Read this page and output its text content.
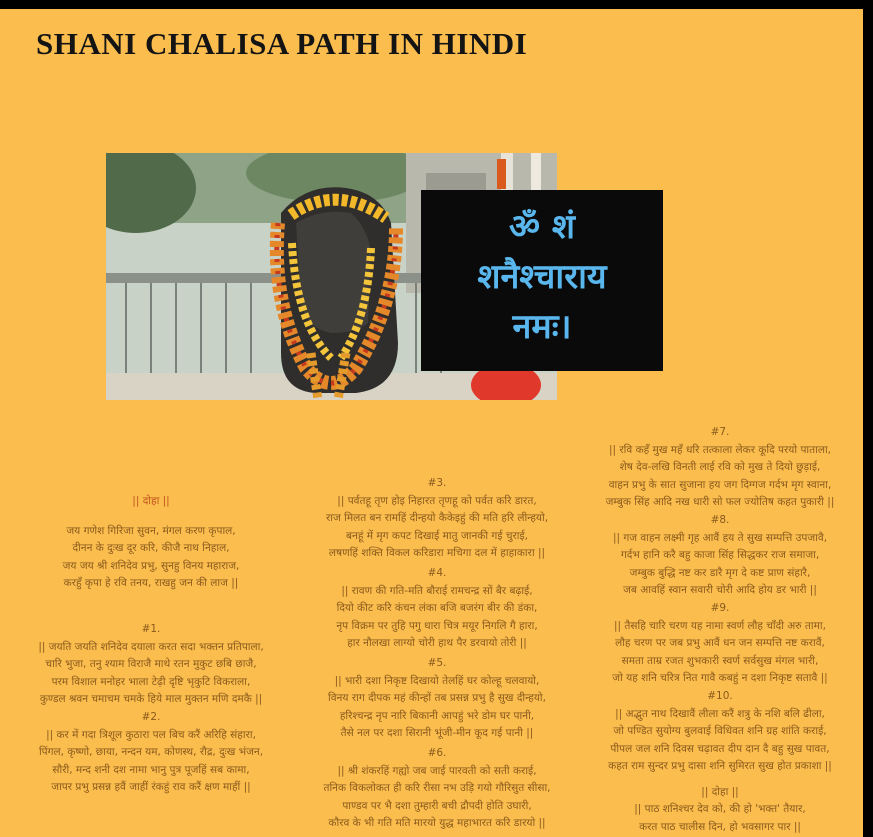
SHANI CHALISA PATH IN HINDI
ॐ शं
शनैश्चाराय
नमः।
|| दोहा ||
जय गणेश गिरिजा सुवन, मंगल करण कृपाल,
दीनन के दुःख दूर करि, कीजै नाथ निहाल,
जय जय श्री शनिदेव प्रभु, सुनहु विनय महाराज,
करहुँ कृपा हे रवि तनय, राखहु जन की लाज ||
#1.
|| जयति जयति शनिदेव दयाला करत सदा भक्तन प्रतिपाला,
चारि भुजा, तनु श्याम विराजै माथे रतन मुकुट छबि छाजै,
परम विशाल मनोहर भाला टेढ़ी दृष्टि भृकुटि विकराला,
कुण्डल श्रवन चमाचम चमके हिये माल मुक्तन मणि दमकै ||
#2.
|| कर में गदा त्रिशूल कुठारा पल बिच करैं अरिहि संहारा,
पिंगल, कृष्णो, छाया, नन्दन यम, कोणस्थ, रौद्र, दुःख भंजन,
सौरी, मन्द शनी दश नामा भानु पुत्र पूजहिं सब कामा,
जापर प्रभु प्रसन्न हवैं जाहीं रंकहुं राव करैं क्षण माहीं ||
#3.
|| पर्वतहू तृण होइ निहारत तृणहू को पर्वत करि डारत,
राज मिलत बन रामहिं दीन्हयो कैकेइहुं की मति हरि लीन्हयो,
बनहूं में मृग कपट दिखाई मातु जानकी गई चुराई,
लषणहिं शक्ति विकल करिडारा मचिगा दल में हाहाकारा ||
#4.
|| रावण की गति-मति बौराई रामचन्द्र सों बैर बढ़ाई,
दियो कीट करि कंचन लंका बजि बजरंग बीर की डंका,
नृप विक्रम पर तुहि पगु धारा चित्र मयूर निगलि गै हारा,
हार नौलखा लाग्यो चोरी हाथ पैर डरवायो तोरी ||
#5.
|| भारी दशा निकृष्ट दिखायो तेलहिं घर कोल्हू चलवायो,
विनय राग दीपक महं कीन्हों तब प्रसन्न प्रभु है सुख दीन्हयो,
हरिश्चन्द्र नृप नारि बिकानी आपहुं भरे डोम घर पानी,
तैसे नल पर दशा सिरानी भूंजी-मीन कूद गई पानी ||
#6.
|| श्री शंकरहिं गह्यो जब जाई पारवती को सती कराई,
तनिक विकलोकत ही करि रीसा नभ उड़ि गयो गौरिसुत सीसा,
पाण्डव पर भै दशा तुम्हारी बची द्रौपदी होति उघारी,
कौरव के भी गति मति मारयो युद्ध महाभारत करि डारयो ||
#7.
|| रवि कहँ मुख महँ धरि तत्काला लेकर कूदि परयो पाताला,
शेष देव-लखि विनती लाई रवि को मुख ते दियो छुड़ाई,
वाहन प्रभु के सात सुजाना हय जग दिग्गज गर्दभ मृग स्वाना,
जम्बुक सिंह आदि नख धारी सो फल ज्योतिष कहत पुकारी ||
#8.
|| गज वाहन लक्ष्मी गृह आवैं हय ते सुख सम्पत्ति उपजावै,
गर्दभ हानि करै बहु काजा सिंह सिद्धकर राज समाजा,
जम्बुक बुद्धि नष्ट कर डारै मृग दे कष्ट प्राण संहारै,
जब आवहिं स्वान सवारी चोरी आदि होय डर भारी ||
#9.
|| तैसहि चारि चरण यह नामा स्वर्ण लौह चाँदी अरु तामा,
लौह चरण पर जब प्रभु आवैं धन जन सम्पत्ति नष्ट करावैं,
समता ताम्र रजत शुभकारी स्वर्ण सर्वसुख मंगल भारी,
जो यह शनि चरित्र नित गावै कबहुं न दशा निकृष्ट सतावै ||
#10.
|| अद्भुत नाथ दिखावैं लीला करैं शत्रु के नशि बलि ढीला,
जो पण्डित सुयोग्य बुलवाई विधिवत शनि ग्रह शांति कराई,
पीपल जल शनि दिवस चढ़ावत दीप दान दै बहु सुख पावत,
कहत राम सुन्दर प्रभु दासा शनि सुमिरत सुख होत प्रकाशा ||
|| दोहा ||
|| पाठ शनिश्चर देव को, की हो 'भक्त' तैयार,
करत पाठ चालीस दिन, हो भवसागर पार ||
